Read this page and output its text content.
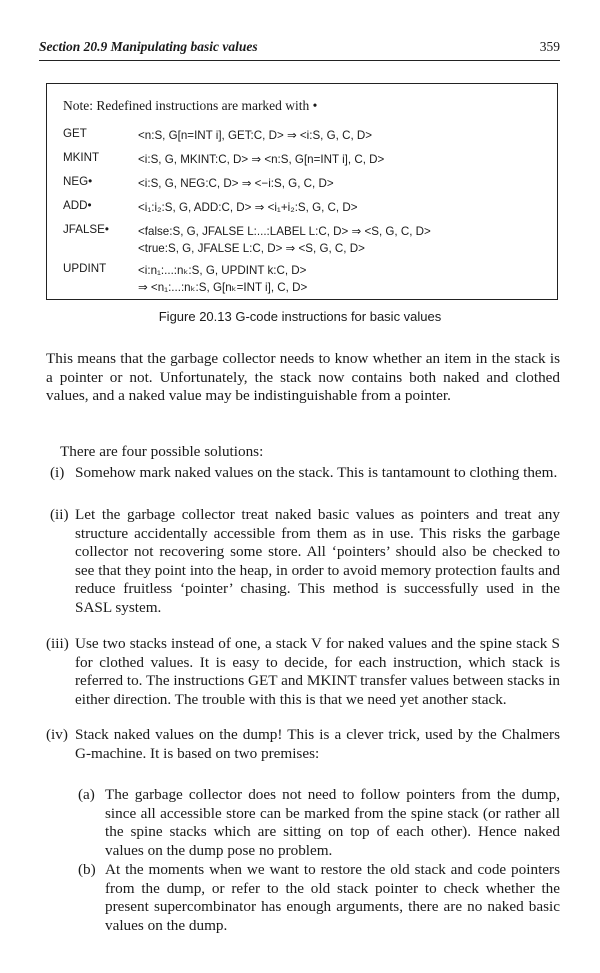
Section 20.9 Manipulating basic values	359
Note: Redefined instructions are marked with •
GET	<n:S, G[n=INT i], GET:C, D> ⇒ <i:S, G, C, D>
MKINT	<i:S, G, MKINT:C, D> ⇒ <n:S, G[n=INT i], C, D>
NEG•	<i:S, G, NEG:C, D> ⇒ <−i:S, G, C, D>
ADD•	<i₁:i₂:S, G, ADD:C, D> ⇒ <i₁+i₂:S, G, C, D>
JFALSE•	<false:S, G, JFALSE L:...:LABEL L:C, D> ⇒ <S, G, C, D>
<true:S, G, JFALSE L:C, D> ⇒ <S, G, C, D>
UPDINT	<i:n₁:...:nₖ:S, G, UPDINT k:C, D>
⇒ <n₁:...:nₖ:S, G[nₖ=INT i], C, D>
Figure 20.13 G-code instructions for basic values
This means that the garbage collector needs to know whether an item in the stack is a pointer or not. Unfortunately, the stack now contains both naked and clothed values, and a naked value may be indistinguishable from a pointer.
There are four possible solutions:
(i) Somehow mark naked values on the stack. This is tantamount to clothing them.
(ii) Let the garbage collector treat naked basic values as pointers and treat any structure accidentally accessible from them as in use. This risks the garbage collector not recovering some store. All ‘pointers’ should also be checked to see that they point into the heap, in order to avoid memory protection faults and reduce fruitless ‘pointer’ chasing. This method is successfully used in the SASL system.
(iii) Use two stacks instead of one, a stack V for naked values and the spine stack S for clothed values. It is easy to decide, for each instruction, which stack is referred to. The instructions GET and MKINT transfer values between stacks in either direction. The trouble with this is that we need yet another stack.
(iv) Stack naked values on the dump! This is a clever trick, used by the Chalmers G-machine. It is based on two premises:
(a) The garbage collector does not need to follow pointers from the dump, since all accessible store can be marked from the spine stack (or rather all the spine stacks which are sitting on top of each other). Hence naked values on the dump pose no problem.
(b) At the moments when we want to restore the old stack and code pointers from the dump, or refer to the old stack pointer to check whether the present supercombinator has enough arguments, there are no naked basic values on the dump.
